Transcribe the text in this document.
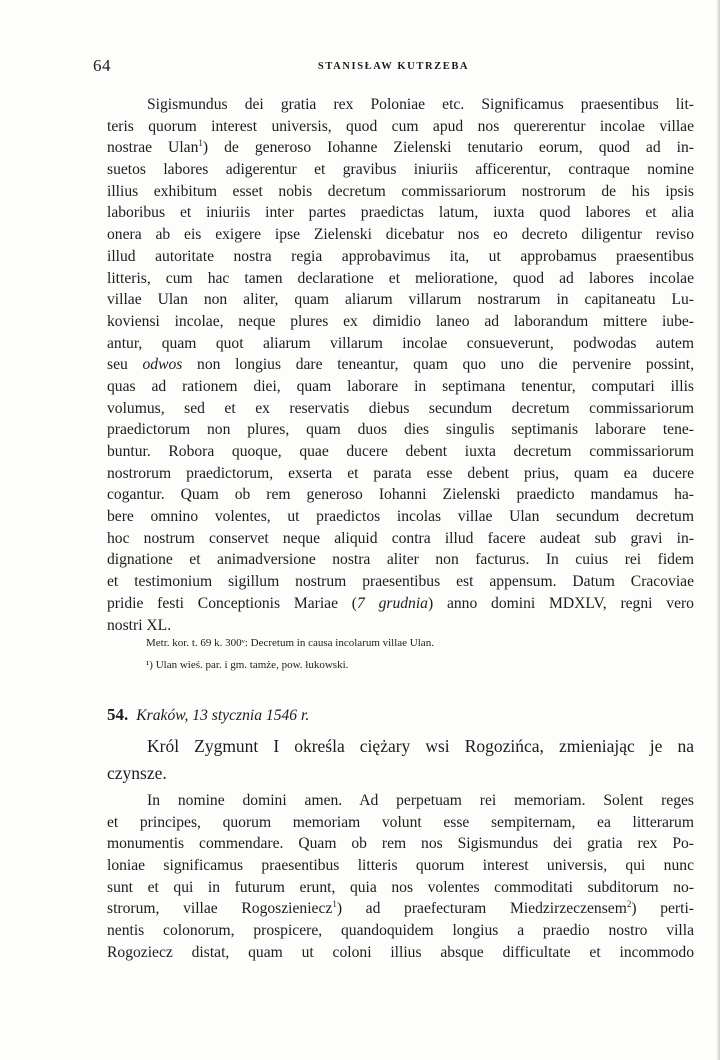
64	STANISŁAW KUTRZEBA
Sigismundus dei gratia rex Poloniae etc. Significamus praesentibus lit-
teris quorum interest universis, quod cum apud nos quererentur incolae villae
nostrae Ulan$^1$) de generoso Iohanne Zielenski tenutario eorum, quod ad in-
suetos labores adigerentur et gravibus iniuriis afficerentur, contraque nomine
illius exhibitum esset nobis decretum commissariorum nostrorum de his ipsis
laboribus et iniuriis inter partes praedictas latum, iuxta quod labores et alia
onera ab eis exigere ipse Zielenski dicebatur nos eo decreto diligentur reviso
illud autoritate nostra regia approbavimus ita, ut approbamus praesentibus
litteris, cum hac tamen declaratione et melioratione, quod ad labores incolae
villae Ulan non aliter, quam aliarum villarum nostrarum in capitaneatu Lu-
koviensi incolae, neque plures ex dimidio laneo ad laborandum mittere iube-
antur, quam quot aliarum villarum incolae consueverunt, podwodas autem
seu odwos non longius dare teneantur, quam quo uno die pervenire possint,
quas ad rationem diei, quam laborare in septimana tenentur, computari illis
volumus, sed et ex reservatis diebus secundum decretum commissariorum
praedictorum non plures, quam duos dies singulis septimanis laborare tene-
buntur. Robora quoque, quae ducere debent iuxta decretum commissariorum
nostrorum praedictorum, exserta et parata esse debent prius, quam ea ducere
cogantur. Quam ob rem generoso Iohanni Zielenski praedicto mandamus ha-
bere omnino volentes, ut praedictos incolas villae Ulan secundum decretum
hoc nostrum conservet neque aliquid contra illud facere audeat sub gravi in-
dignatione et animadversione nostra aliter non facturus. In cuius rei fidem
et testimonium sigillum nostrum praesentibus est appensum. Datum Cracoviae
pridie festi Conceptionis Mariae (7 grudnia) anno domini MDXLV, regni vero
nostri XL.
Metr. kor. t. 69 k. 300ᵛ: Decretum in causa incolarum villae Ulan.
¹) Ulan wieś. par. i gm. tamże, pow. łukowski.
54. Kraków, 13 stycznia 1546 r.
Król Zygmunt I określa ciężary wsi Rogozińca, zmieniając je na
czynsze.
In nomine domini amen. Ad perpetuam rei memoriam. Solent reges
et principes, quorum memoriam volunt esse sempiternam, ea litterarum
monumentis commendare. Quam ob rem nos Sigismundus dei gratia rex Po-
loniae significamus praesentibus litteris quorum interest universis, qui nunc
sunt et qui in futurum erunt, quia nos volentes commoditati subditorum no-
strorum, villae Rogoszieniecz$^1$) ad praefecturam Miedzirzeczensem$^2$) perti-
nentis colonorum, prospicere, quandoquidem longius a praedio nostro villa
Rogoziecz distat, quam ut coloni illius absque difficultate et incommodo
